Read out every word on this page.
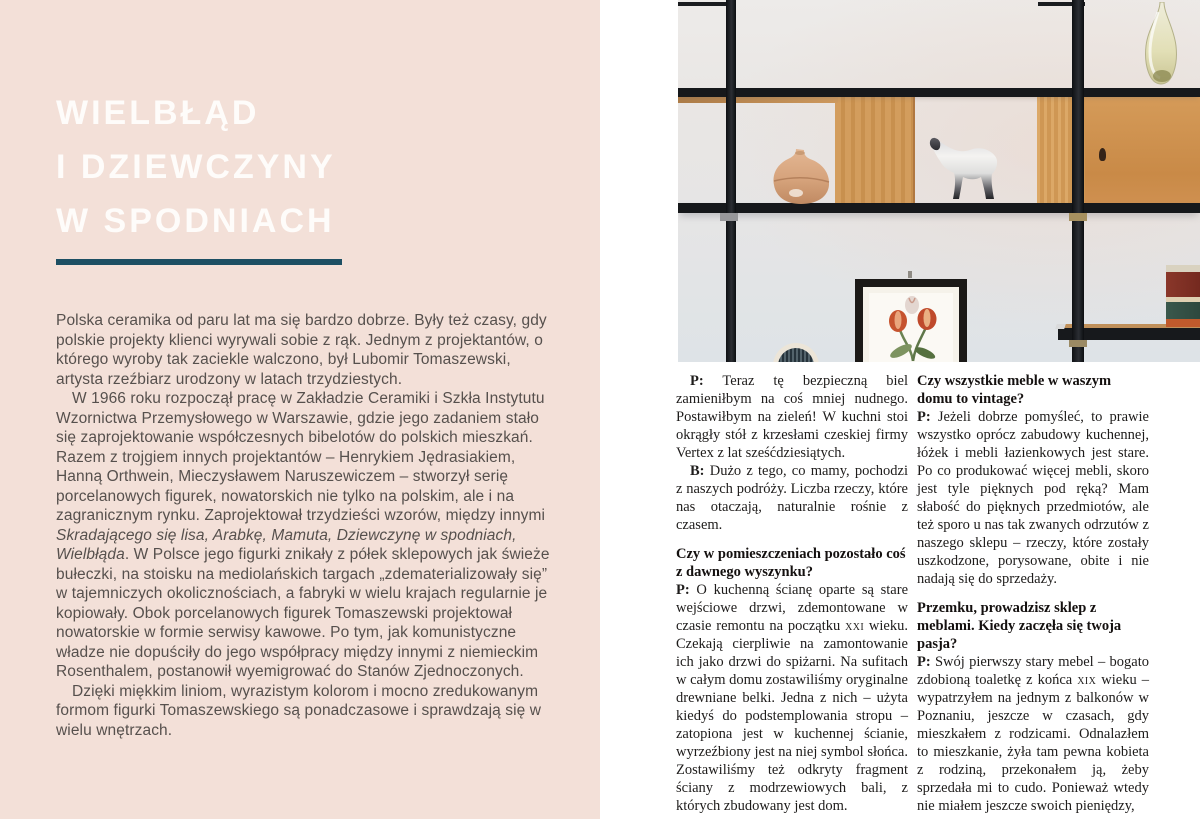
WIELBŁĄD
I DZIEWCZYNY
W SPODNIACH

Polska ceramika od paru lat ma się bardzo dobrze. Były też czasy, gdy polskie projekty klienci wyrywali sobie z rąk. Jednym z projektantów, o którego wyroby tak zaciekle walczono, był Lubomir Tomaszewski, artysta rzeźbiarz urodzony w latach trzydziestych.

W 1966 roku rozpoczął pracę w Zakładzie Ceramiki i Szkła Instytutu Wzornictwa Przemysłowego w Warszawie, gdzie jego zadaniem stało się zaprojektowanie współczesnych bibelotów do polskich mieszkań. Razem z trojgiem innych projektantów – Henrykiem Jędrasiakiem, Hanną Orthwein, Mieczysławem Naruszewiczem – stworzył serię porcelanowych figurek, nowatorskich nie tylko na polskim, ale i na zagranicznym rynku. Zaprojektował trzydzieści wzorów, między innymi Skradającego się lisa, Arabkę, Mamuta, Dziewczynę w spodniach, Wielbłąda. W Polsce jego figurki znikały z półek sklepowych jak świeże bułeczki, na stoisku na mediolańskich targach „zdematerializowały się” w tajemniczych okolicznościach, a fabryki w wielu krajach regularnie je kopiowały. Obok porcelanowych figurek Tomaszewski projektował nowatorskie w formie serwisy kawowe. Po tym, jak komunistyczne władze nie dopuściły do jego współpracy między innymi z niemieckim Rosenthalem, postanowił wyemigrować do Stanów Zjednoczonych.

Dzięki miękkim liniom, wyrazistym kolorom i mocno zredukowanym formom figurki Tomaszewskiego są ponadczasowe i sprawdzają się w wielu wnętrzach.

P: Teraz tę bezpieczną biel zamieniłbym na coś mniej nudnego. Postawiłbym na zieleń! W kuchni stoi okrągły stół z krzesłami czeskiej firmy Vertex z lat sześćdziesiątych.

B: Dużo z tego, co mamy, pochodzi z naszych podróży. Liczba rzeczy, które nas otaczają, naturalnie rośnie z czasem.

Czy w pomieszczeniach pozostało coś z dawnego wyszynku?

P: O kuchenną ścianę oparte są stare wejściowe drzwi, zdemontowane w czasie remontu na początku xxi wieku. Czekają cierpliwie na zamontowanie ich jako drzwi do spiżarni. Na sufitach w całym domu zostawiliśmy oryginalne drewniane belki. Jedna z nich – użyta kiedyś do podstemplowania stropu – zatopiona jest w kuchennej ścianie, wyrzeźbiony jest na niej symbol słońca. Zostawiliśmy też odkryty fragment ściany z modrzewiowych bali, z których zbudowany jest dom.

Czy wszystkie meble w waszym domu to vintage?

P: Jeżeli dobrze pomyśleć, to prawie wszystko oprócz zabudowy kuchennej, łóżek i mebli łazienkowych jest stare. Po co produkować więcej mebli, skoro jest tyle pięknych pod ręką? Mam słabość do pięknych przedmiotów, ale też sporo u nas tak zwanych odrzutów z naszego sklepu – rzeczy, które zostały uszkodzone, porysowane, obite i nie nadają się do sprzedaży.

Przemku, prowadzisz sklep z meblami. Kiedy zaczęła się twoja pasja?

P: Swój pierwszy stary mebel – bogato zdobioną toaletkę z końca xix wieku – wypatrzyłem na jednym z balkonów w Poznaniu, jeszcze w czasach, gdy mieszkałem z rodzicami. Odnalazłem to mieszkanie, żyła tam pewna kobieta z rodziną, przekonałem ją, żeby sprzedała mi to cudo. Ponieważ wtedy nie miałem jeszcze swoich pieniędzy,
